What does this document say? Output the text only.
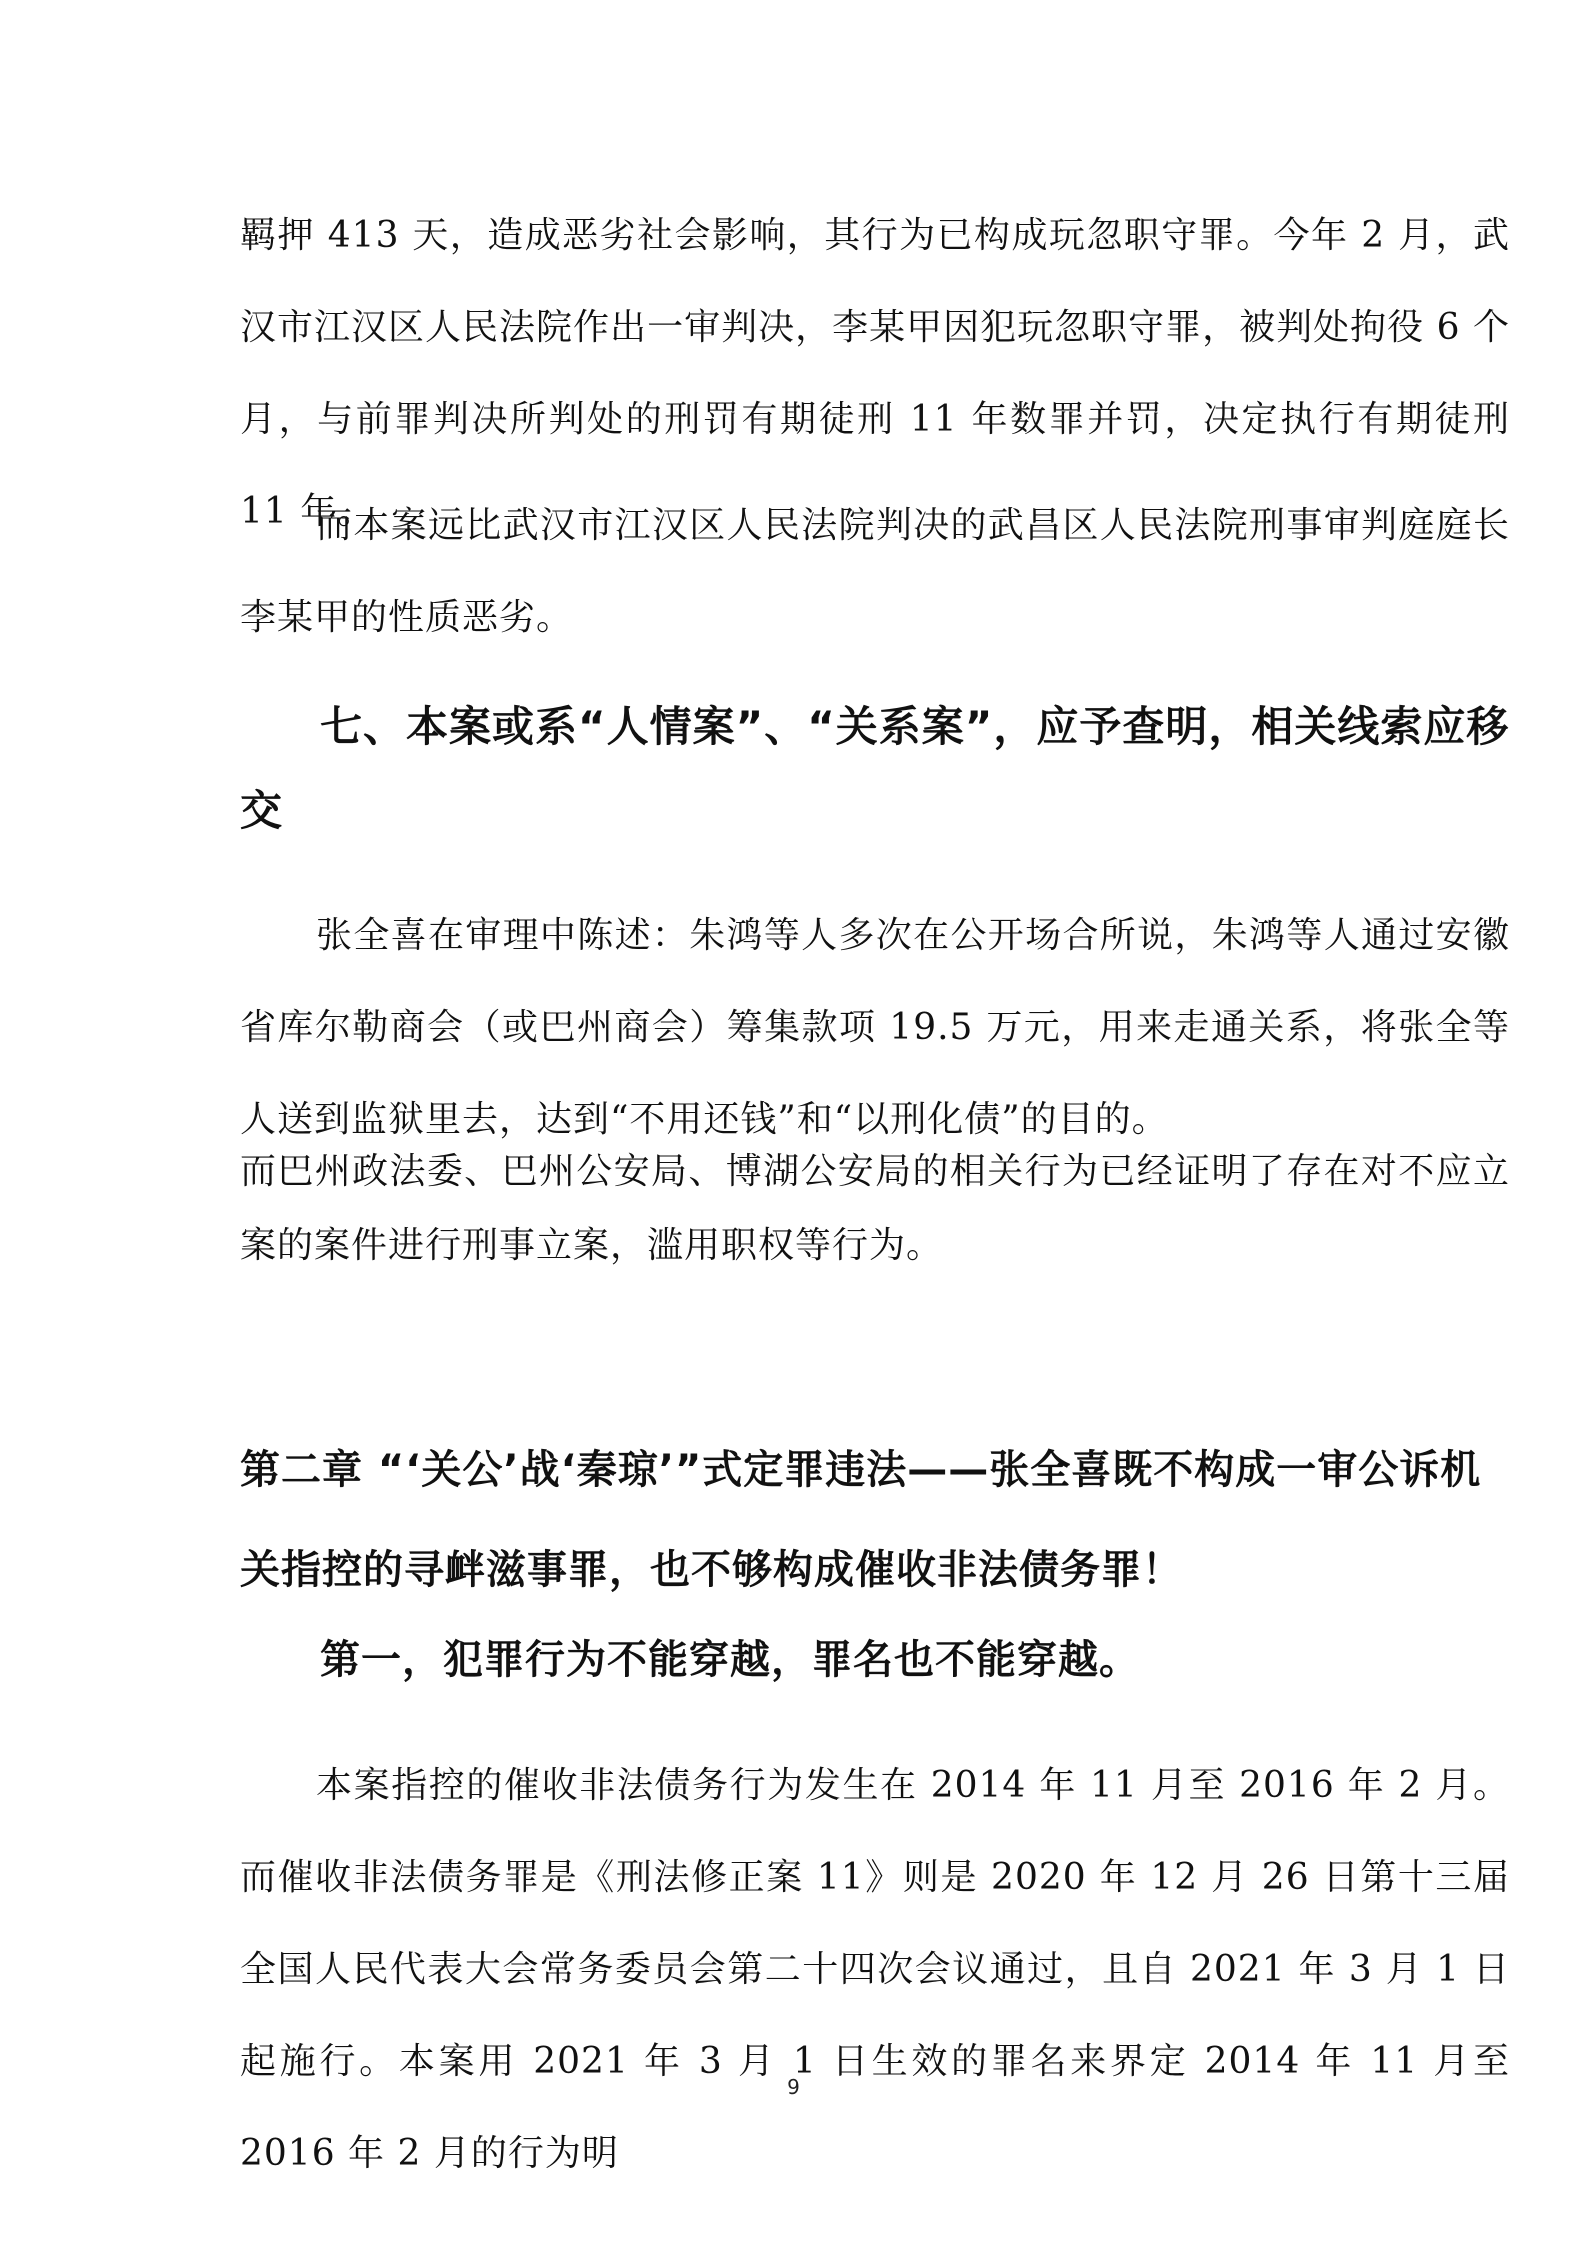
羁押 413 天，造成恶劣社会影响，其行为已构成玩忽职守罪。今年 2 月，武汉市江汉区人民法院作出一审判决，李某甲因犯玩忽职守罪，被判处拘役 6 个月，与前罪判决所判处的刑罚有期徒刑 11 年数罪并罚，决定执行有期徒刑 11 年。

而本案远比武汉市江汉区人民法院判决的武昌区人民法院刑事审判庭庭长李某甲的性质恶劣。

七、本案或系“人情案”、“关系案”，应予查明，相关线索应移交

张全喜在审理中陈述：朱鸿等人多次在公开场合所说，朱鸿等人通过安徽省库尔勒商会（或巴州商会）筹集款项 19.5 万元，用来走通关系，将张全等人送到监狱里去，达到“不用还钱”和“以刑化债”的目的。

而巴州政法委、巴州公安局、博湖公安局的相关行为已经证明了存在对不应立案的案件进行刑事立案，滥用职权等行为。

第二章 “‘关公’战‘秦琼’”式定罪违法——张全喜既不构成一审公诉机关指控的寻衅滋事罪，也不够构成催收非法债务罪！
第一，犯罪行为不能穿越，罪名也不能穿越。

本案指控的催收非法债务行为发生在 2014 年 11 月至 2016 年 2 月。而催收非法债务罪是《刑法修正案 11》则是 2020 年 12 月 26 日第十三届全国人民代表大会常务委员会第二十四次会议通过，且自 2021 年 3 月 1 日起施行。本案用 2021 年 3 月 1 日生效的罪名来界定 2014 年 11 月至 2016 年 2 月的行为明

9
